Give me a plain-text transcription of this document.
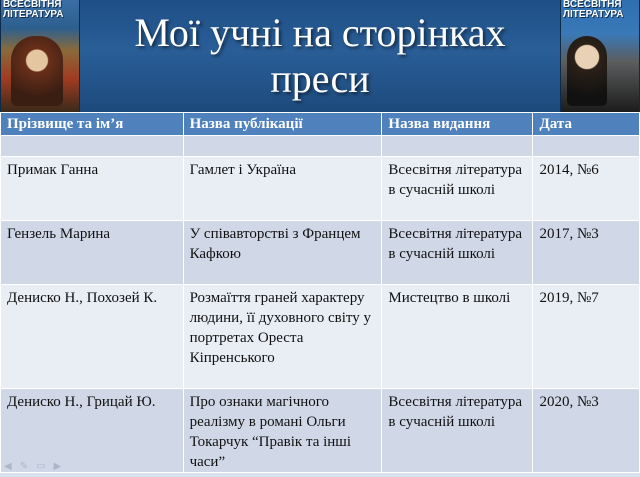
ВСЕСВІТНЯ
ЛІТЕРАТУРА
ВСЕСВІТНЯ
ЛІТЕРАТУРА
Мої учні на сторінках
преси
Прізвище та ім’я	Назва публікації	Назва видання	Дата

Примак Ганна	Гамлет і Україна	Всесвітня література в сучасній школі	2014, №6
Гензель Марина	У співавторстві з Францем Кафкою	Всесвітня література в сучасній школі	2017, №3
Дениско Н., Похозей К.	Розмаїття граней характеру людини, її духовного світу у портретах Ореста Кіпренського	Мистецтво в школі	2019, №7
Дениско Н., Грицай Ю.	Про ознаки магічного реалізму в романі Ольги Токарчук “Правік та інші часи”	Всесвітня література в сучасній школі	2020, №3
◀ ✎ ▭ ▶
